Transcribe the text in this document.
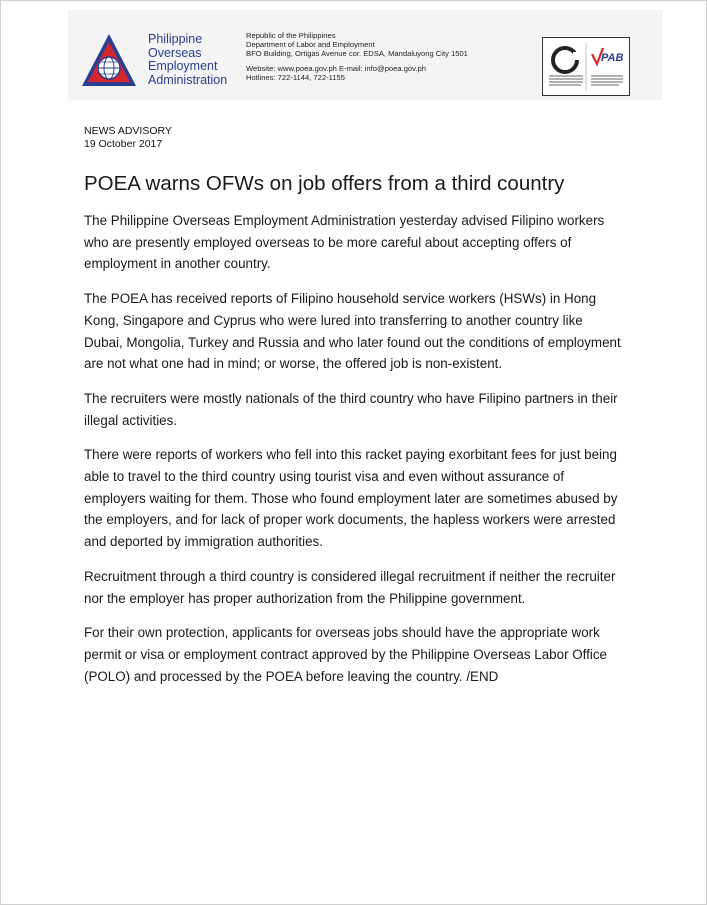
Philippine
Overseas
Employment
Administration
Republic of the Philippines
Department of Labor and Employment
BFO Building, Ortigas Avenue cor. EDSA, Mandaluyong City 1501
Website: www.poea.gov.ph E-mail: info@poea.gov.ph
Hotlines: 722-1144, 722-1155
PAB
NEWS ADVISORY
19 October 2017
POEA warns OFWs on job offers from a third country

The Philippine Overseas Employment Administration yesterday advised Filipino workers who are presently employed overseas to be more careful about accepting offers of employment in another country.

The POEA has received reports of Filipino household service workers (HSWs) in Hong Kong, Singapore and Cyprus who were lured into transferring to another country like Dubai, Mongolia, Turkey and Russia and who later found out the conditions of employment are not what one had in mind; or worse, the offered job is non-existent.

The recruiters were mostly nationals of the third country who have Filipino partners in their illegal activities.

There were reports of workers who fell into this racket paying exorbitant fees for just being able to travel to the third country using tourist visa and even without assurance of employers waiting for them. Those who found employment later are sometimes abused by the employers, and for lack of proper work documents, the hapless workers were arrested and deported by immigration authorities.

Recruitment through a third country is considered illegal recruitment if neither the recruiter nor the employer has proper authorization from the Philippine government.

For their own protection, applicants for overseas jobs should have the appropriate work permit or visa or employment contract approved by the Philippine Overseas Labor Office (POLO) and processed by the POEA before leaving the country. /END
